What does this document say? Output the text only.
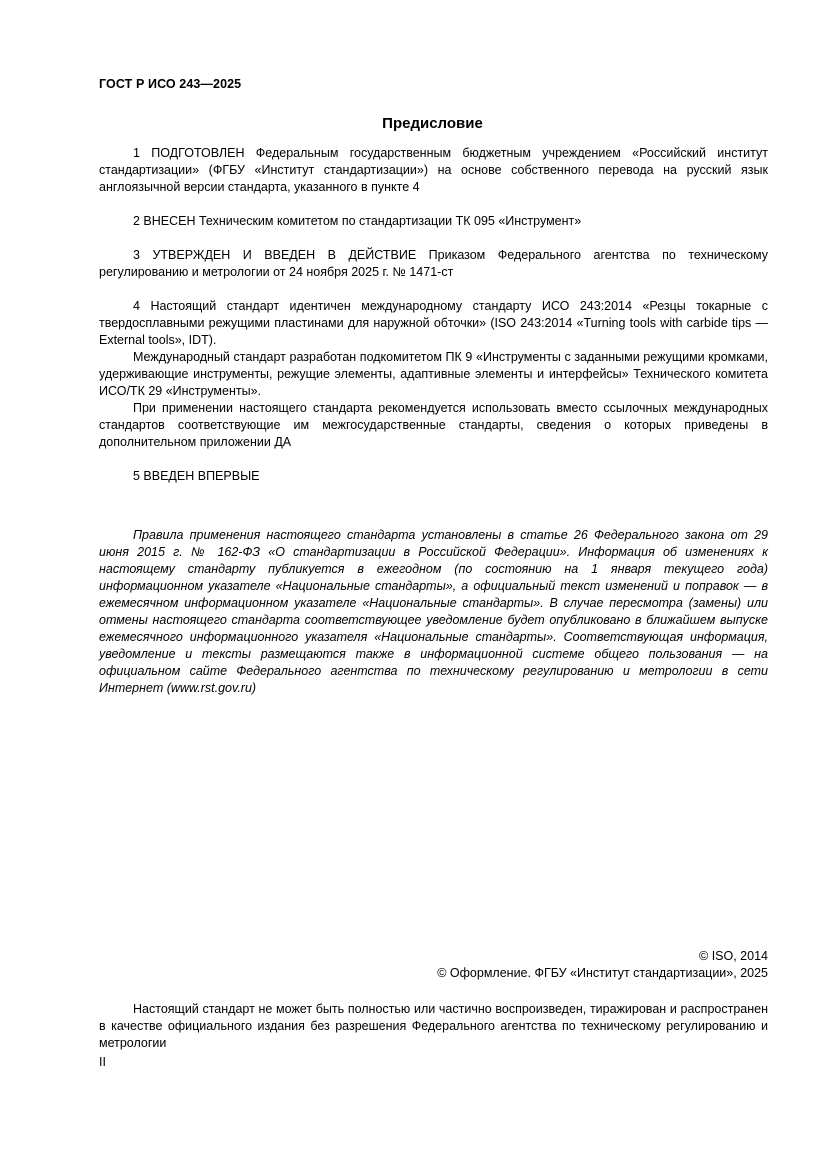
ГОСТ Р ИСО 243—2025
Предисловие

1 ПОДГОТОВЛЕН Федеральным государственным бюджетным учреждением «Российский институт стандартизации» (ФГБУ «Институт стандартизации») на основе собственного перевода на русский язык англоязычной версии стандарта, указанного в пункте 4

2 ВНЕСЕН Техническим комитетом по стандартизации ТК 095 «Инструмент»

3 УТВЕРЖДЕН И ВВЕДЕН В ДЕЙСТВИЕ Приказом Федерального агентства по техническому регулированию и метрологии от 24 ноября 2025 г. № 1471-ст

4 Настоящий стандарт идентичен международному стандарту ИСО 243:2014 «Резцы токарные с твердосплавными режущими пластинами для наружной обточки» (ISO 243:2014 «Turning tools with carbide tips — External tools», IDT).

Международный стандарт разработан подкомитетом ПК 9 «Инструменты с заданными режущими кромками, удерживающие инструменты, режущие элементы, адаптивные элементы и интерфейсы» Технического комитета ИСО/ТК 29 «Инструменты».

При применении настоящего стандарта рекомендуется использовать вместо ссылочных международных стандартов соответствующие им межгосударственные стандарты, сведения о которых приведены в дополнительном приложении ДА

5 ВВЕДЕН ВПЕРВЫЕ

Правила применения настоящего стандарта установлены в статье 26 Федерального закона от 29 июня 2015 г. № 162-ФЗ «О стандартизации в Российской Федерации». Информация об изменениях к настоящему стандарту публикуется в ежегодном (по состоянию на 1 января текущего года) информационном указателе «Национальные стандарты», а официальный текст изменений и поправок — в ежемесячном информационном указателе «Национальные стандарты». В случае пересмотра (замены) или отмены настоящего стандарта соответствующее уведомление будет опубликовано в ближайшем выпуске ежемесячного информационного указателя «Национальные стандарты». Соответствующая информация, уведомление и тексты размещаются также в информационной системе общего пользования — на официальном сайте Федерального агентства по техническому регулированию и метрологии в сети Интернет (www.rst.gov.ru)

© ISO, 2014
© Оформление. ФГБУ «Институт стандартизации», 2025

Настоящий стандарт не может быть полностью или частично воспроизведен, тиражирован и распространен в качестве официального издания без разрешения Федерального агентства по техническому регулированию и метрологии

II
